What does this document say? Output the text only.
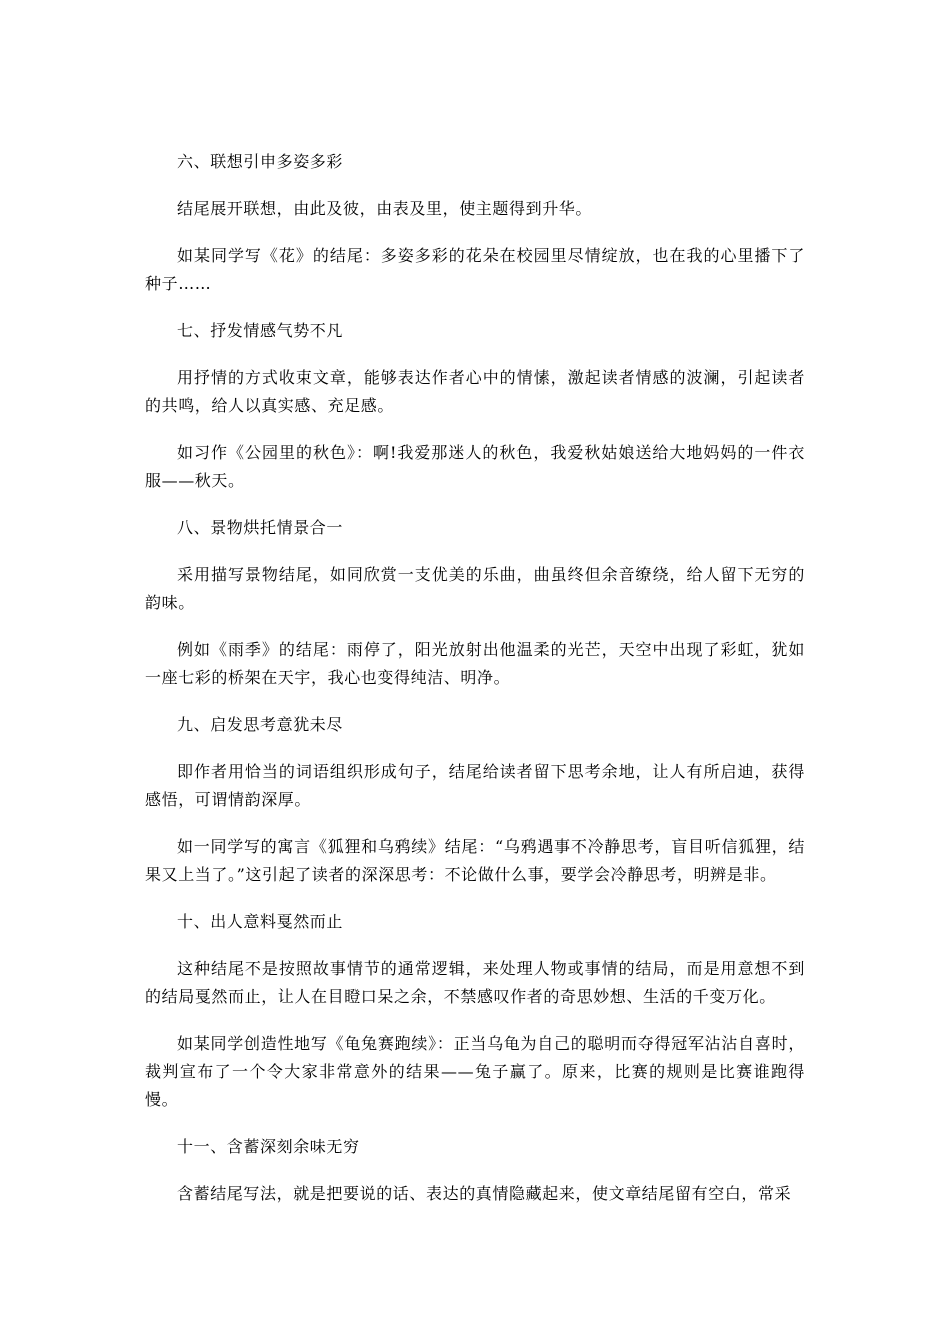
六、联想引申多姿多彩

结尾展开联想，由此及彼，由表及里，使主题得到升华。

如某同学写《花》的结尾：多姿多彩的花朵在校园里尽情绽放，也在我的心里播下了种子……

七、抒发情感气势不凡

用抒情的方式收束文章，能够表达作者心中的情愫，激起读者情感的波澜，引起读者的共鸣，给人以真实感、充足感。

如习作《公园里的秋色》：啊!我爱那迷人的秋色，我爱秋姑娘送给大地妈妈的一件衣服——秋天。

八、景物烘托情景合一

采用描写景物结尾，如同欣赏一支优美的乐曲，曲虽终但余音缭绕，给人留下无穷的韵味。

例如《雨季》的结尾：雨停了，阳光放射出他温柔的光芒，天空中出现了彩虹，犹如一座七彩的桥架在天宇，我心也变得纯洁、明净。

九、启发思考意犹未尽

即作者用恰当的词语组织形成句子，结尾给读者留下思考余地，让人有所启迪，获得感悟，可谓情韵深厚。

如一同学写的寓言《狐狸和乌鸦续》结尾：“乌鸦遇事不冷静思考，盲目听信狐狸，结果又上当了。”这引起了读者的深深思考：不论做什么事，要学会冷静思考，明辨是非。

十、出人意料戛然而止

这种结尾不是按照故事情节的通常逻辑，来处理人物或事情的结局，而是用意想不到的结局戛然而止，让人在目瞪口呆之余，不禁感叹作者的奇思妙想、生活的千变万化。

如某同学创造性地写《龟兔赛跑续》：正当乌龟为自己的聪明而夺得冠军沾沾自喜时，裁判宣布了一个令大家非常意外的结果——兔子赢了。原来，比赛的规则是比赛谁跑得慢。

十一、含蓄深刻余味无穷

含蓄结尾写法，就是把要说的话、表达的真情隐藏起来，使文章结尾留有空白，常采
